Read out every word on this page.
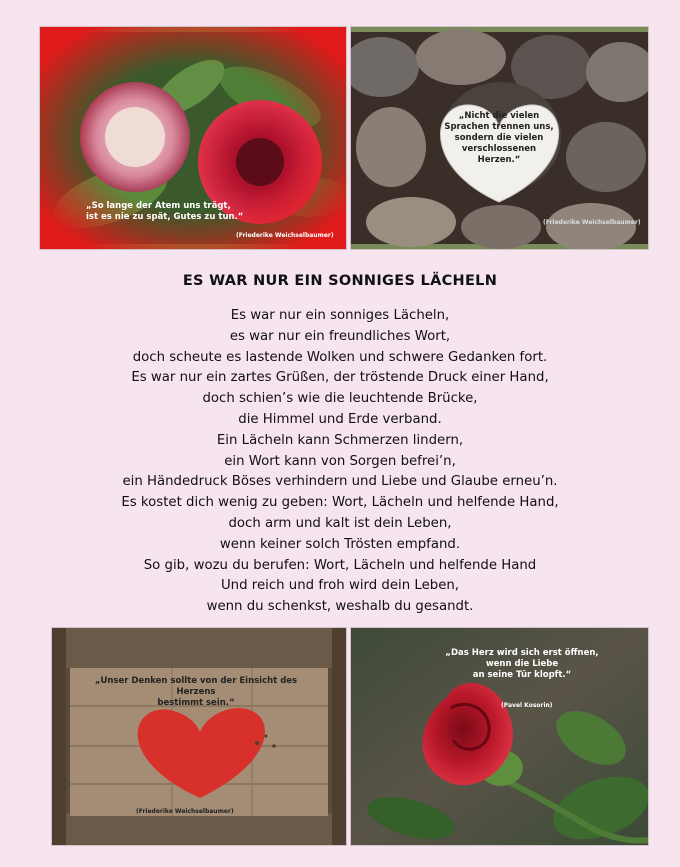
„So lange der Atem uns trägt,
ist es nie zu spät, Gutes zu tun.“
(Friederike Weichselbaumer)
„Nicht die vielen
Sprachen trennen uns,
sondern die vielen
verschlossenen
Herzen.“
(Friederike Weichselbaumer)
ES WAR NUR EIN SONNIGES LÄCHELN
Es war nur ein sonniges Lächeln,
es war nur ein freundliches Wort,
doch scheute es lastende Wolken und schwere Gedanken fort.
Es war nur ein zartes Grüßen, der tröstende Druck einer Hand,
doch schien’s wie die leuchtende Brücke,
die Himmel und Erde verband.
Ein Lächeln kann Schmerzen lindern,
ein Wort kann von Sorgen befrei’n,
ein Händedruck Böses verhindern und Liebe und Glaube erneu’n.
Es kostet dich wenig zu geben: Wort, Lächeln und helfende Hand,
doch arm und kalt ist dein Leben,
wenn keiner solch Trösten empfand.
So gib, wozu du berufen: Wort, Lächeln und helfende Hand
Und reich und froh wird dein Leben,
wenn du schenkst, weshalb du gesandt.
„Unser Denken sollte von der Einsicht des Herzens
bestimmt sein.“
(Friederike Weichselbaumer)
„Das Herz wird sich erst öffnen,
wenn die Liebe
an seine Tür klopft.“
(Pavel Kosorin)
